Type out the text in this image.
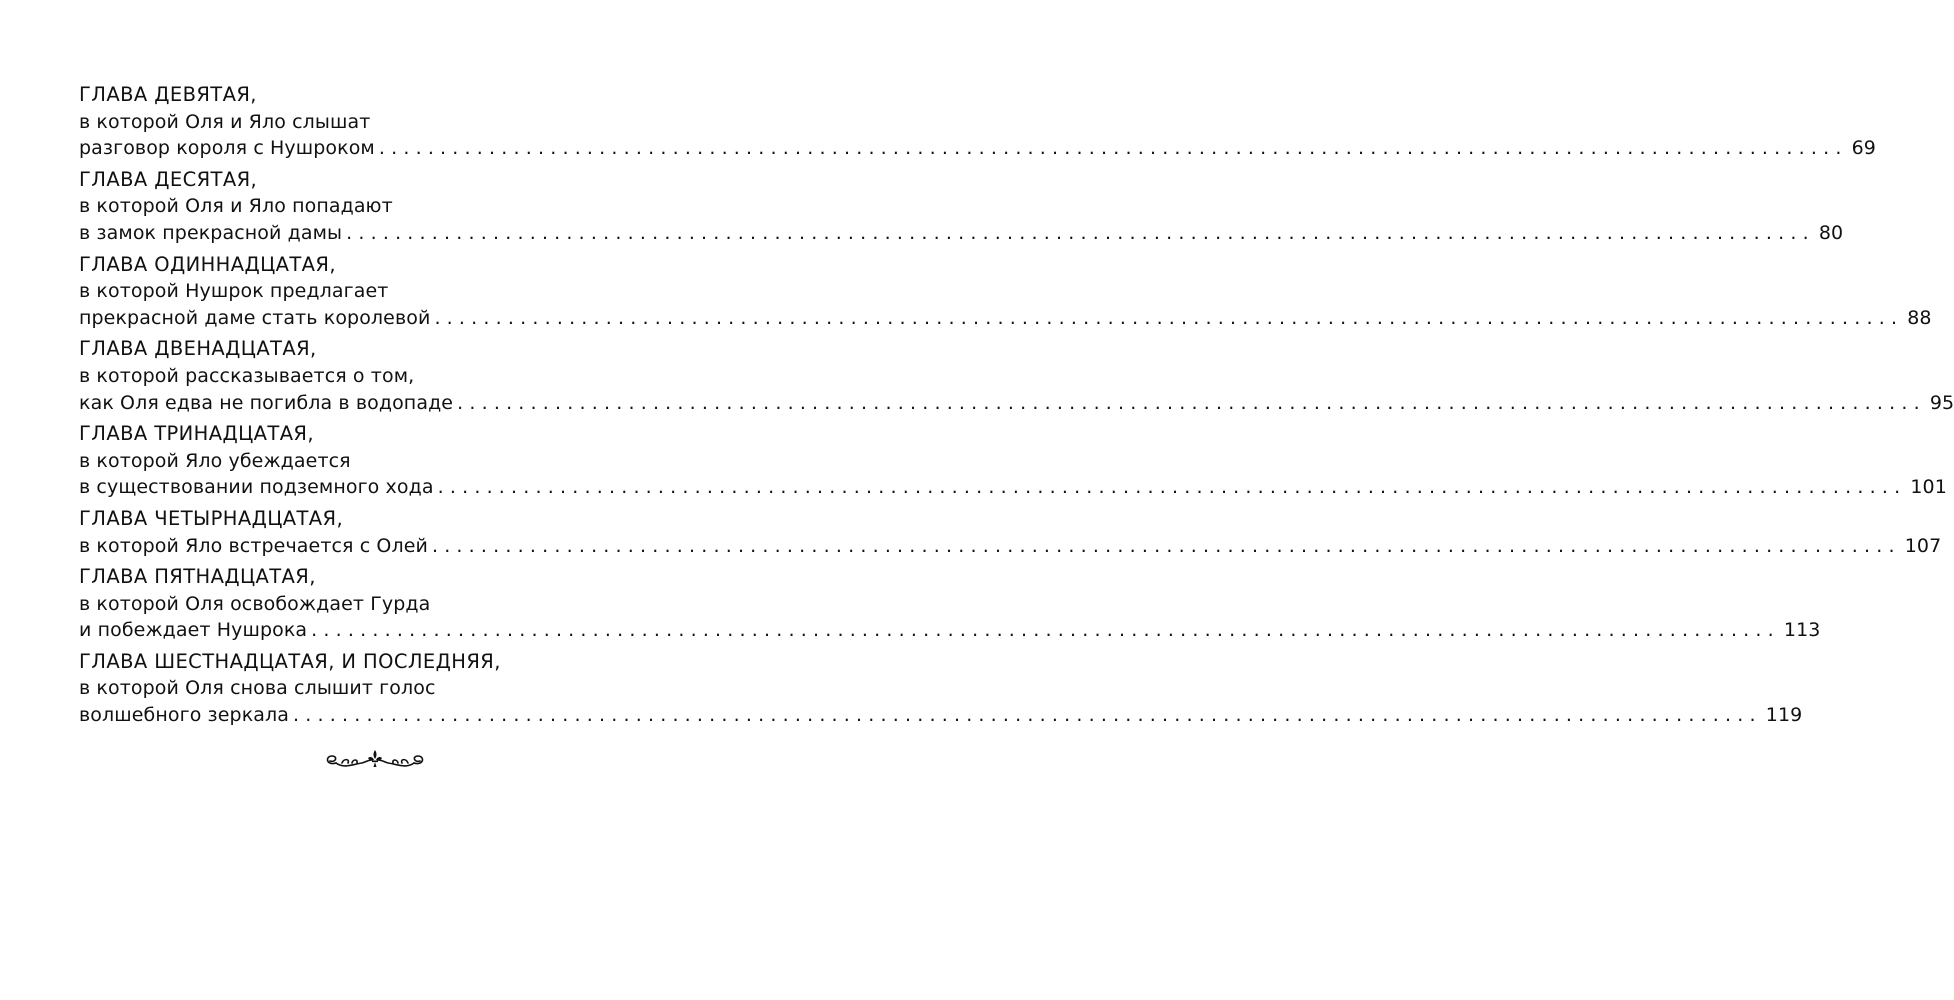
ГЛАВА ДЕВЯТАЯ,
в которой Оля и Яло слышат
разговор короля с Нушроком ........................................................................................................................ 69
ГЛАВА ДЕСЯТАЯ,
в которой Оля и Яло попадают
в замок прекрасной дамы ........................................................................................................................ 80
ГЛАВА ОДИННАДЦАТАЯ,
в которой Нушрок предлагает
прекрасной даме стать королевой ........................................................................................................................ 88
ГЛАВА ДВЕНАДЦАТАЯ,
в которой рассказывается о том,
как Оля едва не погибла в водопаде ........................................................................................................................ 95
ГЛАВА ТРИНАДЦАТАЯ,
в которой Яло убеждается
в существовании подземного хода ........................................................................................................................ 101
ГЛАВА ЧЕТЫРНАДЦАТАЯ,
в которой Яло встречается с Олей ........................................................................................................................ 107
ГЛАВА ПЯТНАДЦАТАЯ,
в которой Оля освобождает Гурда
и побеждает Нушрока ........................................................................................................................ 113
ГЛАВА ШЕСТНАДЦАТАЯ, И ПОСЛЕДНЯЯ,
в которой Оля снова слышит голос
волшебного зеркала ........................................................................................................................ 119
